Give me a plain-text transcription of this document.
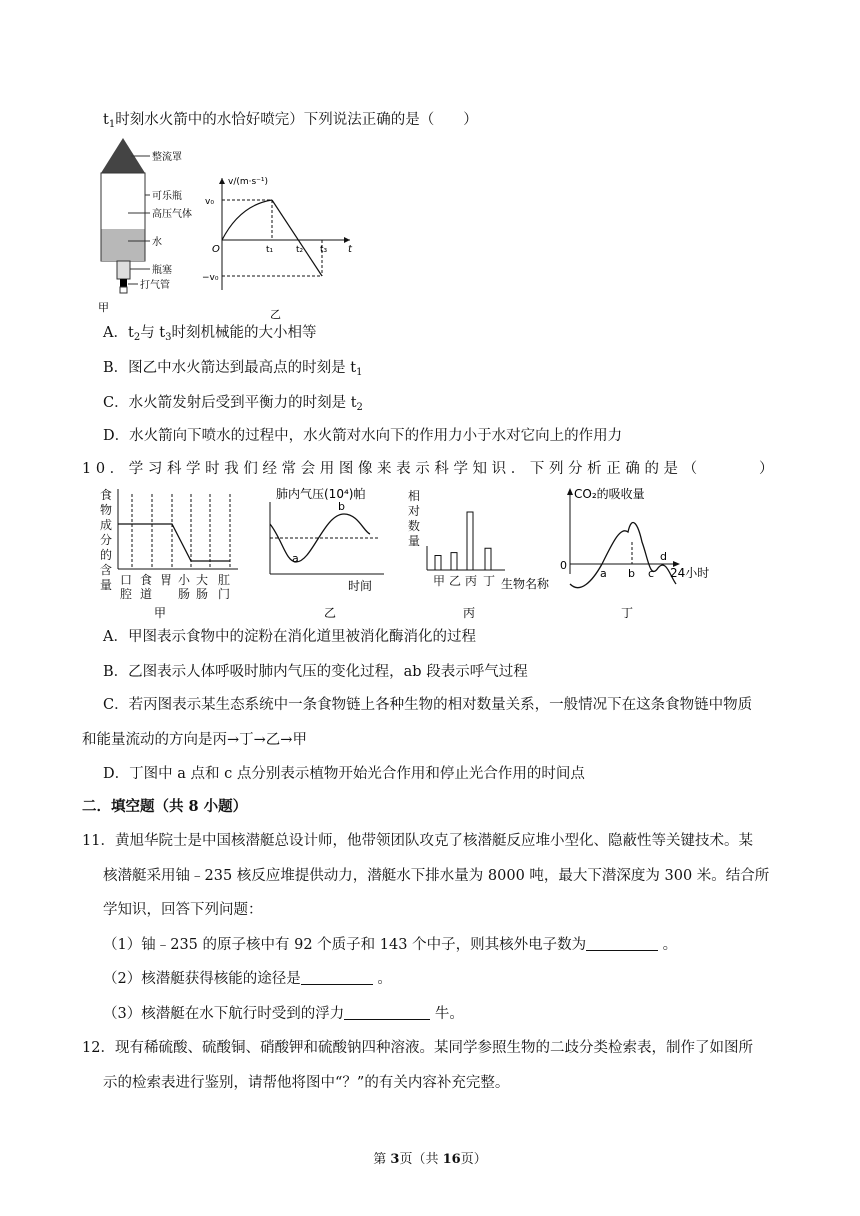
$t_1$时刻水火箭中的水恰好喷完）下列说法正确的是（　　）
整流罩
可乐瓶
高压气体
水
瓶塞
打气管
甲
v/(m·s⁻¹)
v₀
−v₀
O	t₁	t₂ t₃ t
乙
A．$t_2$与 $t_3$时刻机械能的大小相等
B．图乙中水火箭达到最高点的时刻是 $t_1$
C．水火箭发射后受到平衡力的时刻是 $t_2$
D．水火箭向下喷水的过程中，水火箭对水向下的作用力小于水对它向上的作用力
10．学习科学时我们经常会用图像来表示科学知识．下列分析正确的是（　　　）
食
物
成
分
的
含
量 口
腔
食
道
胃 小
肠
大
肠
肛
门
甲
肺内气压(10⁴)帕
a
b
时间
乙
相
对
数
量
甲 乙 丙 丁 生物名称
丙
CO₂的吸收量
0
a b c
d
24小时
丁
A．甲图表示食物中的淀粉在消化道里被消化酶消化的过程
B．乙图表示人体呼吸时肺内气压的变化过程，ab 段表示呼气过程
C．若丙图表示某生态系统中一条食物链上各种生物的相对数量关系，一般情况下在这条食物链中物质
和能量流动的方向是丙→丁→乙→甲
D．丁图中 a 点和 c 点分别表示植物开始光合作用和停止光合作用的时间点
二．填空题（共 8 小题）
11．黄旭华院士是中国核潜艇总设计师，他带领团队攻克了核潜艇反应堆小型化、隐蔽性等关键技术。某
核潜艇采用铀﹣235 核反应堆提供动力，潜艇水下排水量为 8000 吨，最大下潜深度为 300 米。结合所
学知识，回答下列问题：
（1）铀﹣235 的原子核中有 92 个质子和 143 个中子，则其核外电子数为	。
（2）核潜艇获得核能的途径是	。
（3）核潜艇在水下航行时受到的浮力	牛。
12．现有稀硫酸、硫酸铜、硝酸钾和硫酸钠四种溶液。某同学参照生物的二歧分类检索表，制作了如图所
示的检索表进行鉴别，请帮他将图中“？”的有关内容补充完整。
第 3页（共 16页）
